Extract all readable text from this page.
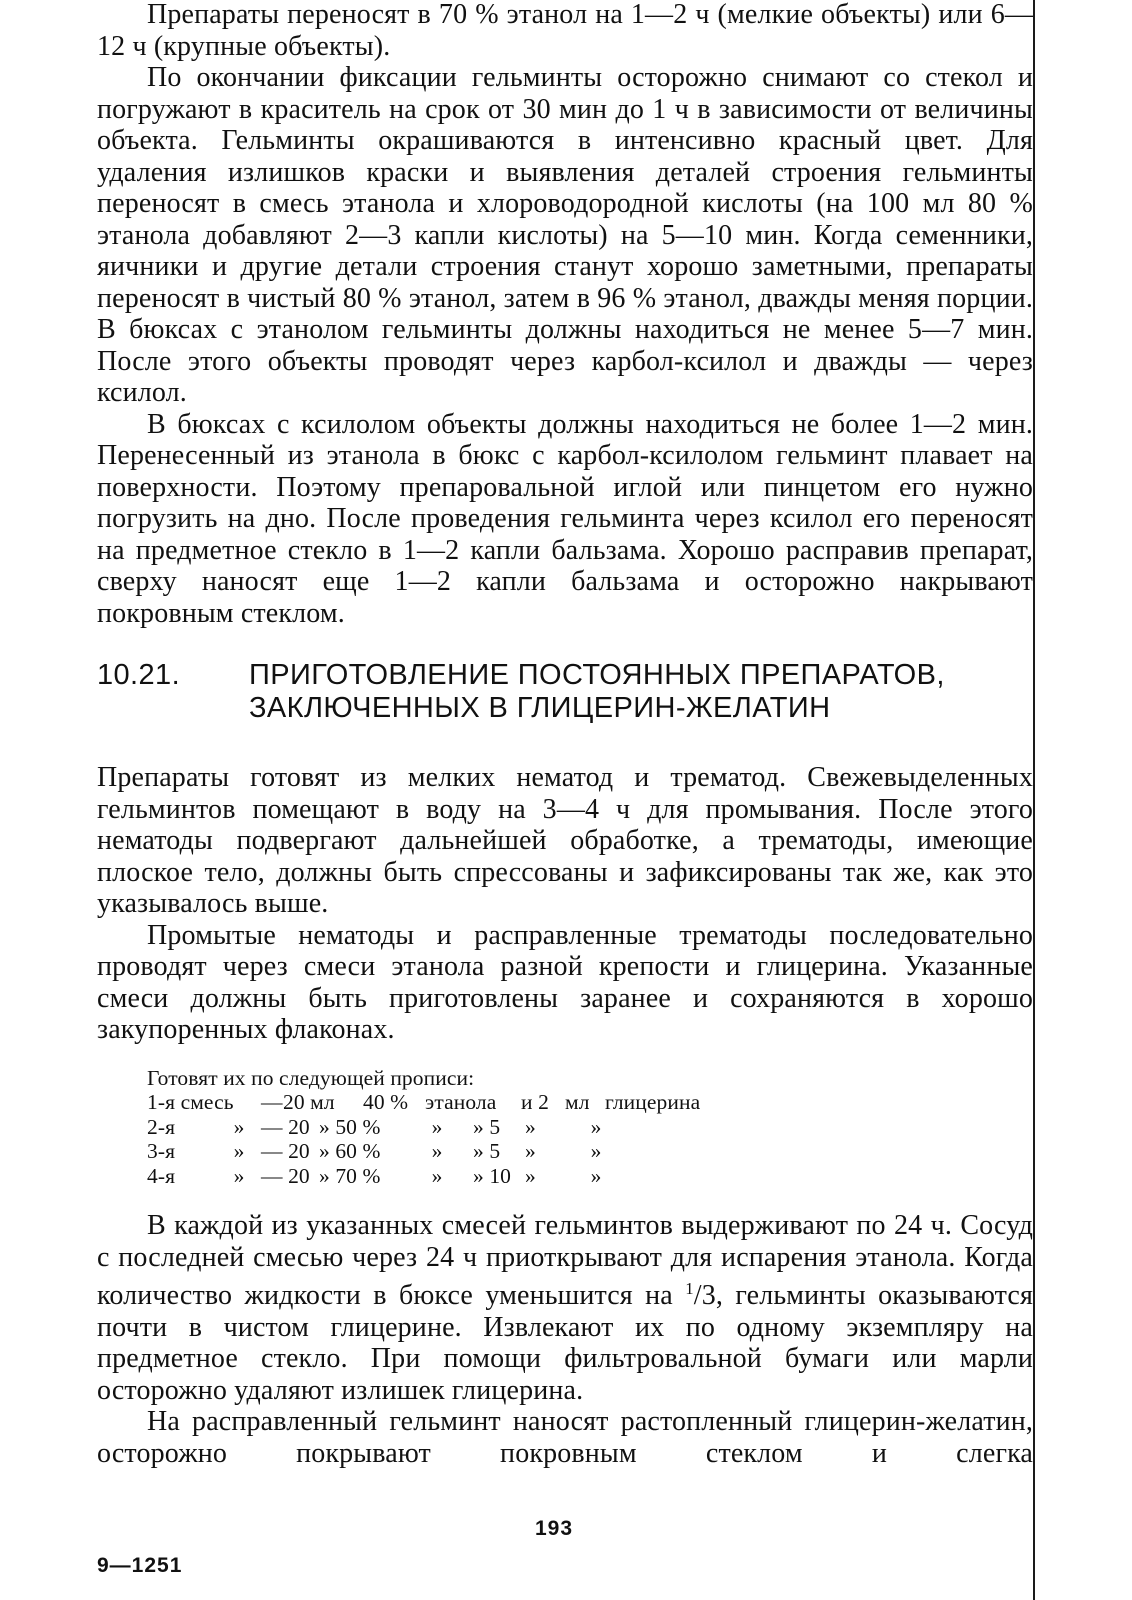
Препараты переносят в 70 % этанол на 1—2 ч (мелкие объекты) или 6—12 ч (крупные объекты).

По окончании фиксации гельминты осторожно снимают со стекол и погружают в краситель на срок от 30 мин до 1 ч в зависимости от величины объекта. Гельминты окрашиваются в интенсивно красный цвет. Для удаления излишков краски и выявления деталей строения гельминты переносят в смесь этанола и хлороводородной кислоты (на 100 мл 80 % этанола добавляют 2—3 капли кислоты) на 5—10 мин. Когда семенники, яичники и другие детали строения станут хорошо заметными, препараты переносят в чистый 80 % этанол, затем в 96 % этанол, дважды меняя порции. В бюксах с этанолом гельминты должны находиться не менее 5—7 мин. После этого объекты проводят через карбол-ксилол и дважды — через ксилол.

В бюксах с ксилолом объекты должны находиться не более 1—2 мин. Перенесенный из этанола в бюкс с карбол-ксилолом гельминт плавает на поверхности. Поэтому препаровальной иглой или пинцетом его нужно погрузить на дно. После проведения гельминта через ксилол его переносят на предметное стекло в 1—2 капли бальзама. Хорошо расправив препарат, сверху наносят еще 1—2 капли бальзама и осторожно накрывают покровным стеклом.

10.21. ПРИГОТОВЛЕНИЕ ПОСТОЯННЫХ ПРЕПАРАТОВ,
ЗАКЛЮЧЕННЫХ В ГЛИЦЕРИН-ЖЕЛАТИН

Препараты готовят из мелких нематод и трематод. Свежевыделенных гельминтов помещают в воду на 3—4 ч для промывания. После этого нематоды подвергают дальнейшей обработке, а трематоды, имеющие плоское тело, должны быть спрессованы и зафиксированы так же, как это указывалось выше.

Промытые нематоды и расправленные трематоды последовательно проводят через смеси этанола разной крепости и глицерина. Указанные смеси должны быть приготовлены заранее и сохраняются в хорошо закупоренных флаконах.

Готовят их по следующей прописи:
1-я смесь	— 20 мл	40 % этанола	и 2 мл глицерина
2-я	» — 20 » 50 %	»	» 5	»	»
3-я	» — 20 » 60 %	»	» 5	»	»
4-я	» — 20 » 70 %	»	» 10 »	»

В каждой из указанных смесей гельминтов выдерживают по 24 ч. Сосуд с последней смесью через 24 ч приоткрывают для испарения этанола. Когда количество жидкости в бюксе уменьшится на $^1$/3, гельминты оказываются почти в чистом глицерине. Извлекают их по одному экземпляру на предметное стекло. При помощи фильтровальной бумаги или марли осторожно удаляют излишек глицерина.

На расправленный гельминт наносят растопленный глицерин-желатин, осторожно покрывают покровным стеклом и слегка

193
9—1251
